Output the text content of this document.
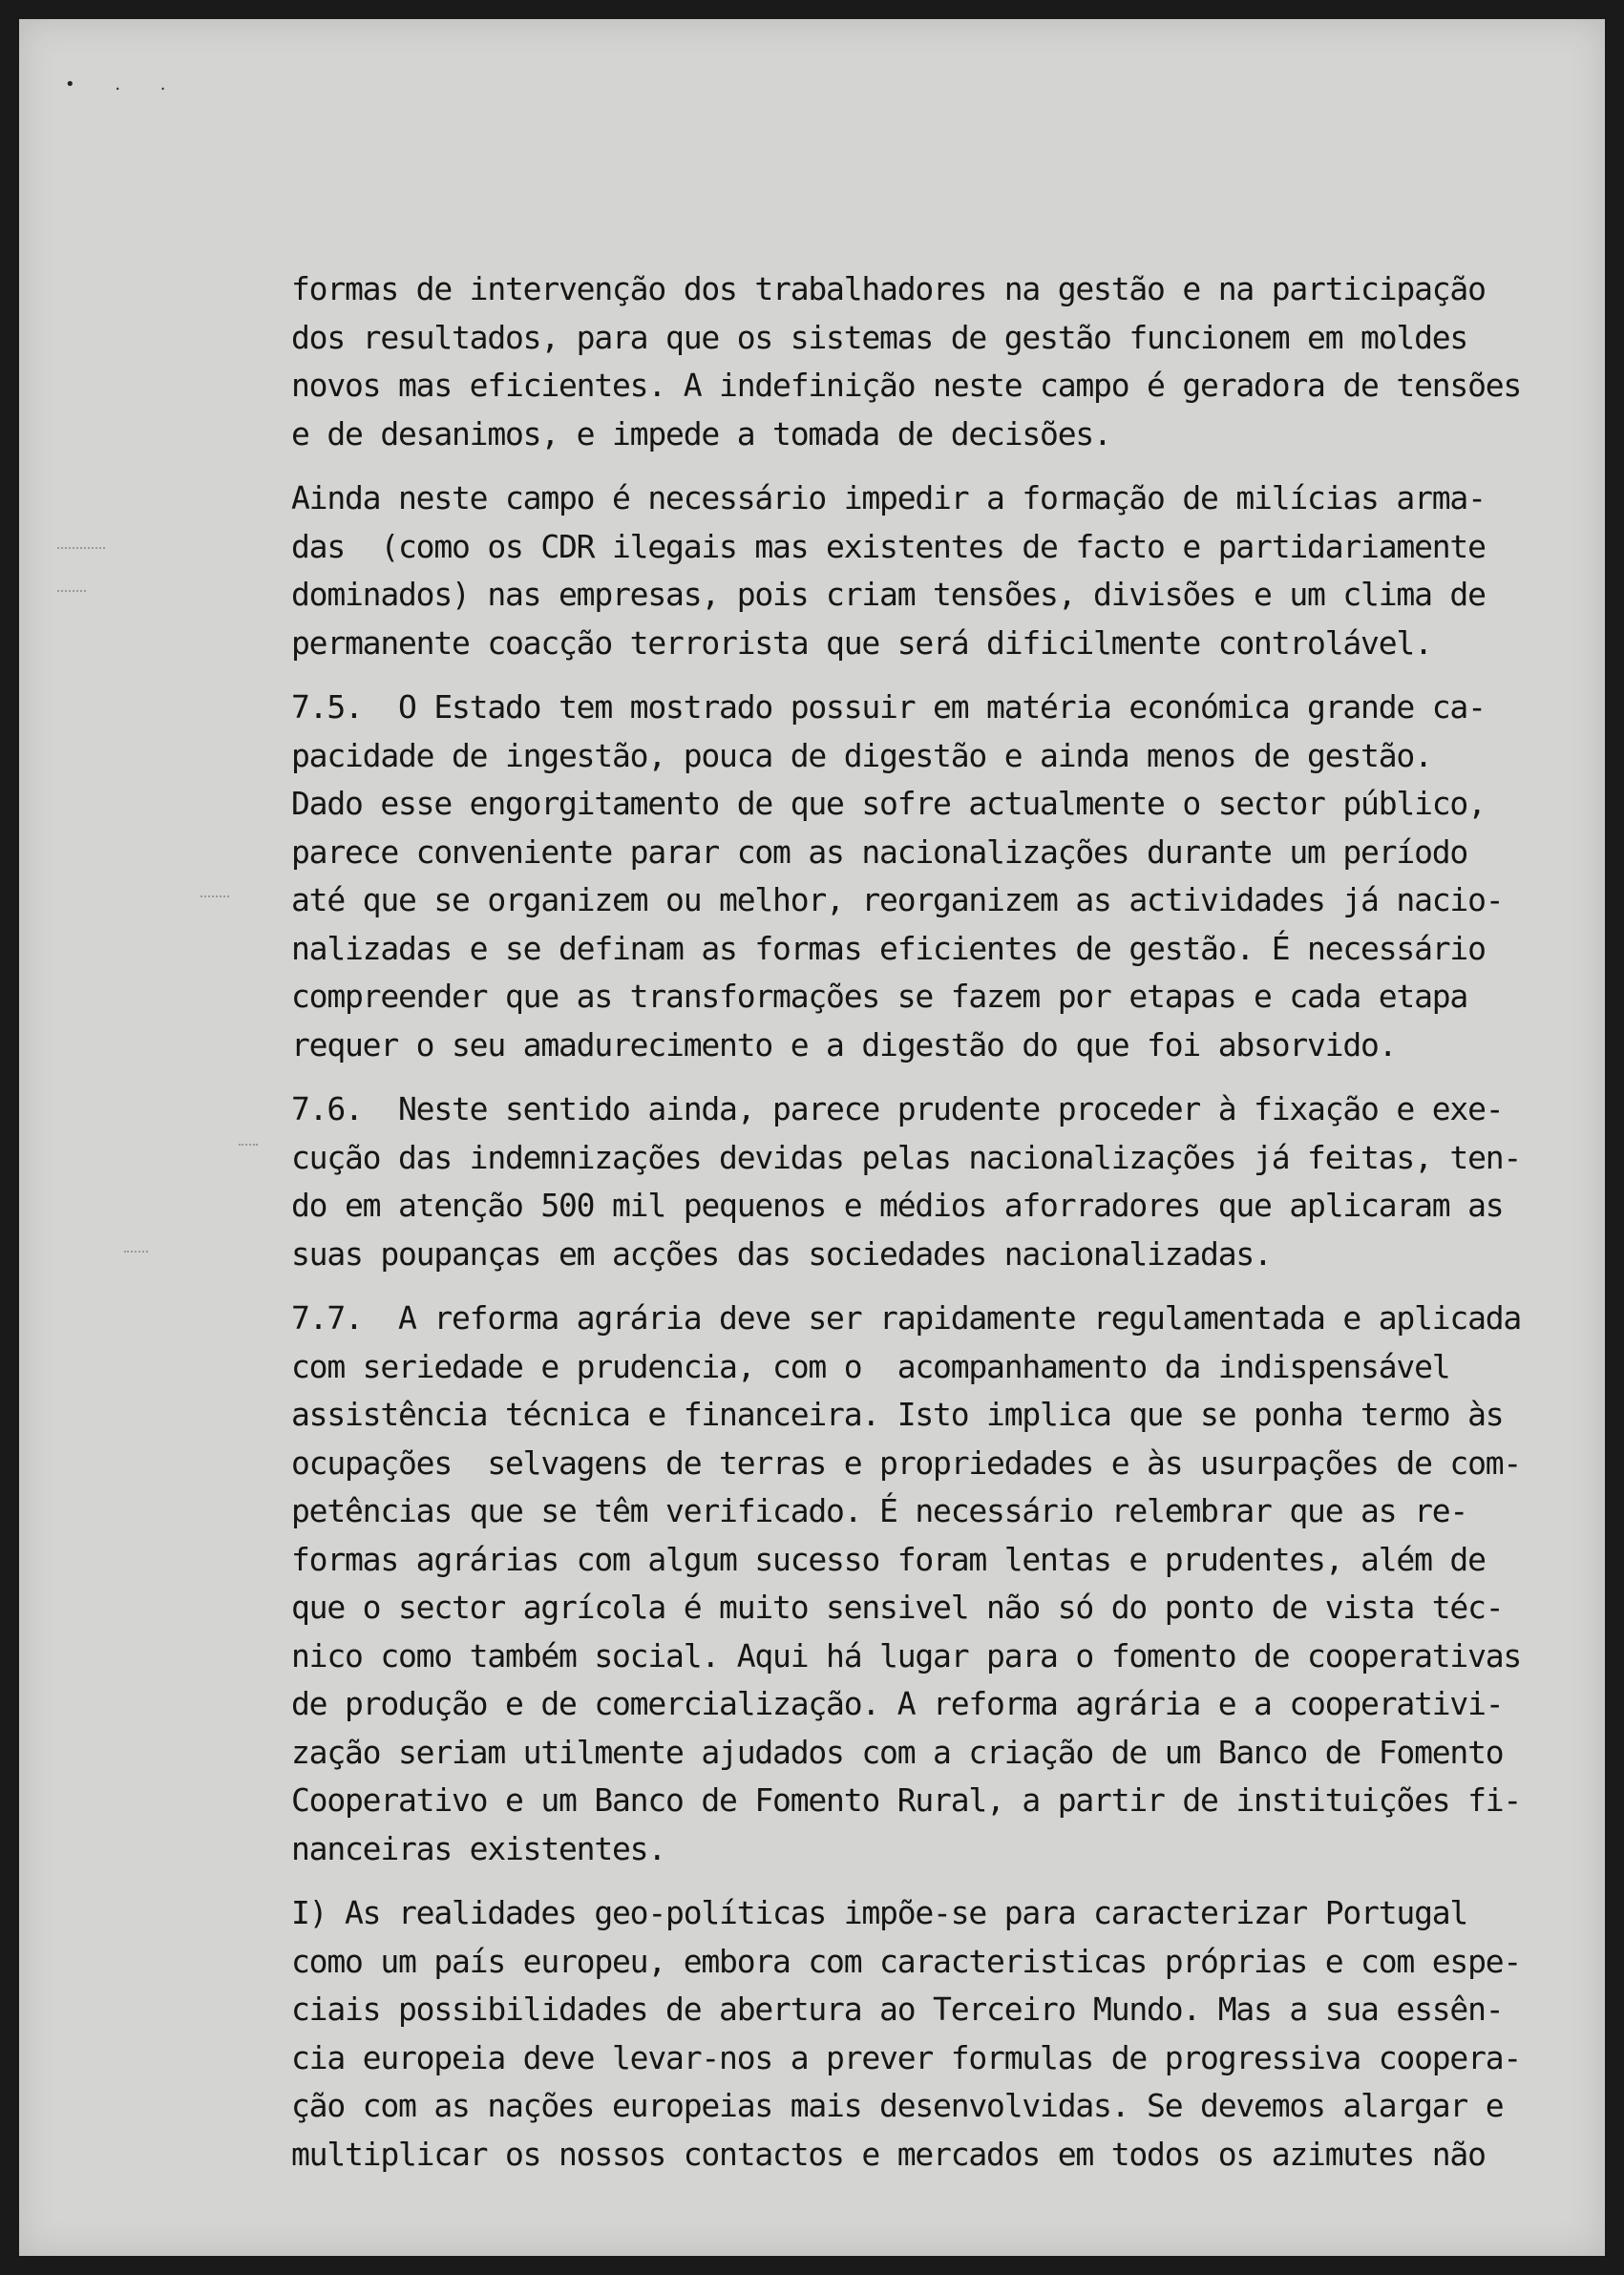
• . .
formas de intervenção dos trabalhadores na gestão e na participação
dos resultados, para que os sistemas de gestão funcionem em moldes
novos mas eficientes. A indefinição neste campo é geradora de tensões
e de desanimos, e impede a tomada de decisões.
Ainda neste campo é necessário impedir a formação de milícias arma-
das  (como os CDR ilegais mas existentes de facto e partidariamente
dominados) nas empresas, pois criam tensões, divisões e um clima de
permanente coacção terrorista que será dificilmente controlável.
7.5.  O Estado tem mostrado possuir em matéria económica grande ca-
pacidade de ingestão, pouca de digestão e ainda menos de gestão.
Dado esse engorgitamento de que sofre actualmente o sector público,
parece conveniente parar com as nacionalizações durante um período
até que se organizem ou melhor, reorganizem as actividades já nacio-
nalizadas e se definam as formas eficientes de gestão. É necessário
compreender que as transformações se fazem por etapas e cada etapa
requer o seu amadurecimento e a digestão do que foi absorvido.
7.6.  Neste sentido ainda, parece prudente proceder à fixação e exe-
cução das indemnizações devidas pelas nacionalizações já feitas, ten-
do em atenção 500 mil pequenos e médios aforradores que aplicaram as
suas poupanças em acções das sociedades nacionalizadas.
7.7.  A reforma agrária deve ser rapidamente regulamentada e aplicada
com seriedade e prudencia, com o  acompanhamento da indispensável
assistência técnica e financeira. Isto implica que se ponha termo às
ocupações  selvagens de terras e propriedades e às usurpações de com-
petências que se têm verificado. É necessário relembrar que as re-
formas agrárias com algum sucesso foram lentas e prudentes, além de
que o sector agrícola é muito sensivel não só do ponto de vista téc-
nico como também social. Aqui há lugar para o fomento de cooperativas
de produção e de comercialização. A reforma agrária e a cooperativi-
zação seriam utilmente ajudados com a criação de um Banco de Fomento
Cooperativo e um Banco de Fomento Rural, a partir de instituições fi-
nanceiras existentes.
I) As realidades geo-políticas impõe-se para caracterizar Portugal
como um país europeu, embora com caracteristicas próprias e com espe-
ciais possibilidades de abertura ao Terceiro Mundo. Mas a sua essên-
cia europeia deve levar-nos a prever formulas de progressiva cooperа-
ção com as nações europeias mais desenvolvidas. Se devemos alargar e
multiplicar os nossos contactos e mercados em todos os azimutes não
